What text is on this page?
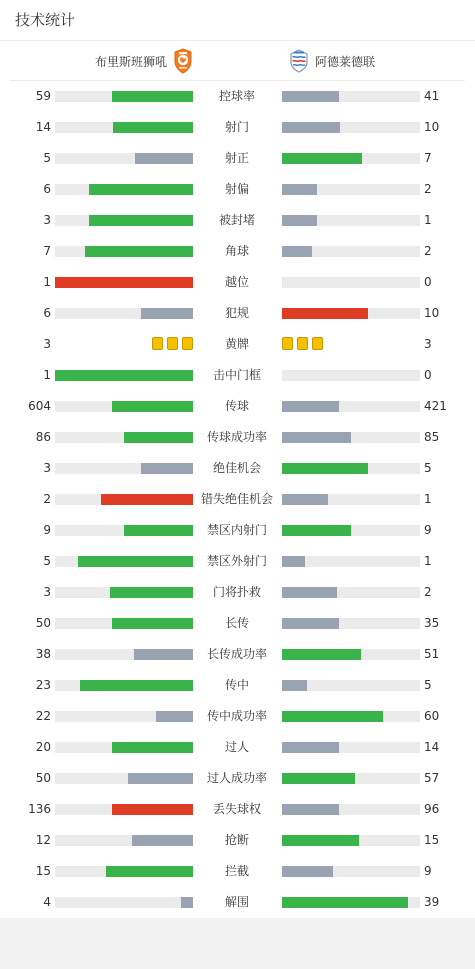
技术统计
布里斯班狮吼	阿德莱德联
59	控球率	41
14	射门	10
5	射正	7
6	射偏	2
3	被封堵	1
7	角球	2
1	越位	0
6	犯规	10
3	黄牌	3
1	击中门框	0
604	传球	421
86	传球成功率	85
3	绝佳机会	5
2	错失绝佳机会	1
9	禁区内射门	9
5	禁区外射门	1
3	门将扑救	2
50	长传	35
38	长传成功率	51
23	传中	5
22	传中成功率	60
20	过人	14
50	过人成功率	57
136	丢失球权	96
12	抢断	15
15	拦截	9
4	解围	39
